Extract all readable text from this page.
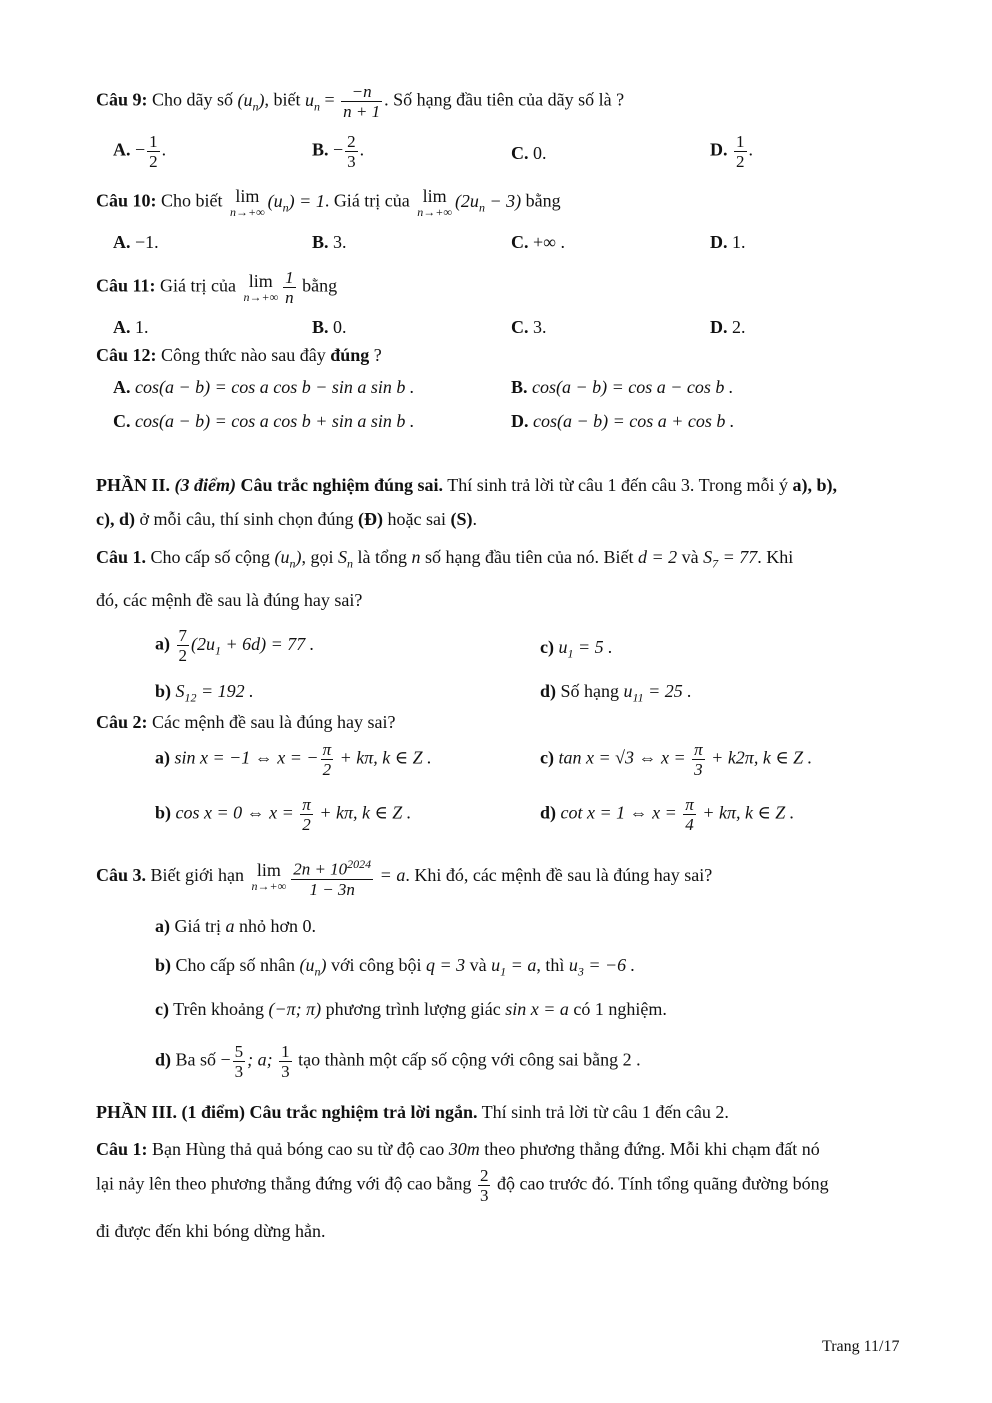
Câu 9: Cho dãy số $(u_n)$, biết $u_n = \frac{-n}{n + 1}$ . Số hạng đầu tiên của dãy số là ?
A. − $\frac{1}{2}$ .	B. − $\frac{2}{3}$ .	C. 0.	D. $\frac{1}{2}$ .
Câu 10: Cho biết lim
n→+∞
$(u_n) = 1$. Giá trị của lim
n→+∞
$(2u_n - 3)$ bằng
A. −1.	B. 3.	C. +∞ .	D. 1.
Câu 11: Giá trị của lim
$n\to+\infty \frac{1}{n}$ bằng
A. 1.	B. 0.	C. 3.	D. 2.
Câu 12: Công thức nào sau đây đúng ?
A. cos(a − b) = cos a cos b − sin a sin b .	B. cos(a − b) = cos a − cos b .
C. cos(a − b) = cos a cos b + sin a sin b .	D. cos(a − b) = cos a + cos b .
PHẦN II. (3 điểm) Câu trắc nghiệm đúng sai. Thí sinh trả lời từ câu 1 đến câu 3. Trong mỗi ý a), b),
c), d) ở mỗi câu, thí sinh chọn đúng (Đ) hoặc sai (S).
Câu 1. Cho cấp số cộng $(u_n)$, gọi $S_n$ là tổng n số hạng đầu tiên của nó. Biết d = 2 và $S_7 = 77$. Khi
đó, các mệnh đề sau là đúng hay sai?
$a) \frac{7}{2} (2u_1 + 6d) = 77$ .	c) $u_1 = 5$ .
b) $S_{12} = 192$ .	d) Số hạng $u_{11} = 25$ .
Câu 2: Các mệnh đề sau là đúng hay sai?
a) sin x = −1 ⇔ x = − $\frac{\pi}{2} + k\pi$, k ∈ Z .	c) tan x = √3 ⇔ $x = \frac{\pi}{3} + k2\pi$, k ∈ Z .
b) cos x = 0 ⇔ $x = \frac{\pi}{2} + k\pi$, k ∈ Z .	d) cot x = 1 ⇔ $x = \frac{\pi}{4} + k\pi$, k ∈ Z .
Câu 3. Biết giới hạn lim
$n\to+\infty \frac{2n + 10^{2024}}{1 - 3n} = a$. Khi đó, các mệnh đề sau là đúng hay sai?
a) Giá trị a nhỏ hơn 0.
b) Cho cấp số nhân $(u_n)$ với công bội q = 3 và $u_1 = a$, thì $u_3 = -6$ .
c) Trên khoảng (−π; π) phương trình lượng giác sin x = a có 1 nghiệm.
d) Ba số − $\frac{5}{3}$ ; a; $\frac{1}{3}$ tạo thành một cấp số cộng với công sai bằng 2 .
PHẦN III. (1 điểm) Câu trắc nghiệm trả lời ngắn. Thí sinh trả lời từ câu 1 đến câu 2.
Câu 1: Bạn Hùng thả quả bóng cao su từ độ cao 30m theo phương thẳng đứng. Mỗi khi chạm đất nó
lại nảy lên theo phương thẳng đứng với độ cao bằng $\frac{2}{3}$ độ cao trước đó. Tính tổng quãng đường bóng
đi được đến khi bóng dừng hẳn.
Trang 11/17
